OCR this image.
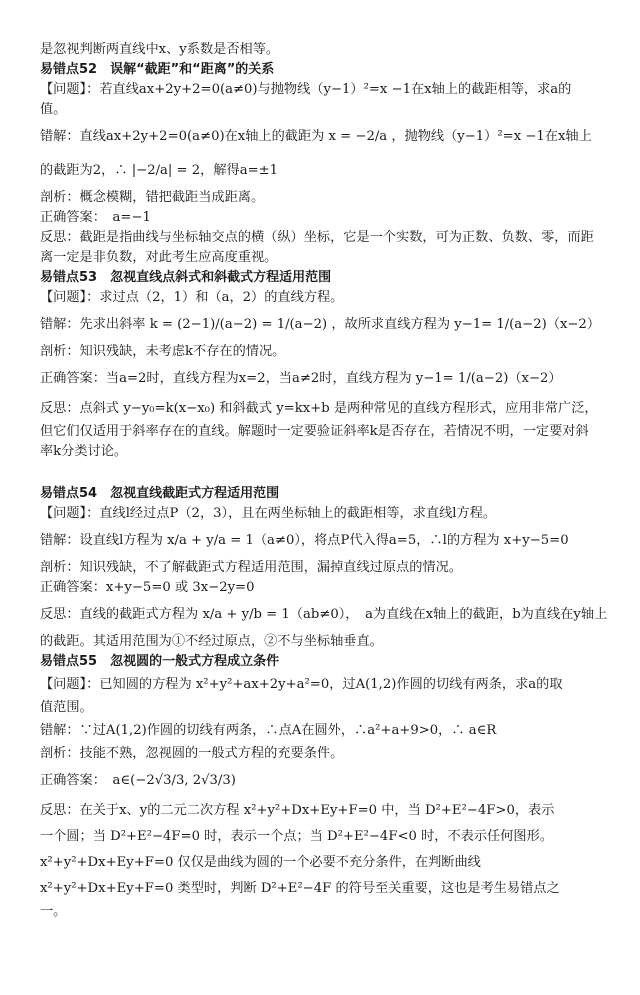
是忽视判断两直线中x、y系数是否相等。
易错点52　误解“截距”和“距离”的关系
【问题】：若直线ax+2y+2=0(a≠0)与抛物线（y−1）²=x −1在x轴上的截距相等，求a的
值。
错解：直线ax+2y+2=0(a≠0)在x轴上的截距为 x = −2/a ，抛物线（y−1）²=x −1在x轴上
的截距为2，∴ |−2/a| = 2，解得a=±1
剖析：概念模糊，错把截距当成距离。
正确答案：　a=−1
反思：截距是指曲线与坐标轴交点的横（纵）坐标，它是一个实数，可为正数、负数、零，而距
离一定是非负数，对此考生应高度重视。
易错点53　忽视直线点斜式和斜截式方程适用范围
【问题】：求过点（2，1）和（a，2）的直线方程。
错解：先求出斜率 k = (2−1)/(a−2) = 1/(a−2) ，故所求直线方程为 y−1= 1/(a−2)（x−2）
剖析：知识残缺，未考虑k不存在的情况。
正确答案：当a=2时，直线方程为x=2，当a≠2时，直线方程为 y−1= 1/(a−2)（x−2）
反思：点斜式 y−y₀=k(x−x₀) 和斜截式 y=kx+b 是两种常见的直线方程形式，应用非常广泛，
但它们仅适用于斜率存在的直线。解题时一定要验证斜率k是否存在，若情况不明，一定要对斜
率k分类讨论。
易错点54　忽视直线截距式方程适用范围
【问题】：直线l经过点P（2，3），且在两坐标轴上的截距相等，求直线l方程。
错解：设直线l方程为 x/a + y/a = 1（a≠0），将点P代入得a=5，∴l的方程为 x+y−5=0
剖析：知识残缺，不了解截距式方程适用范围，漏掉直线过原点的情况。
正确答案：x+y−5=0 或 3x−2y=0
反思：直线的截距式方程为 x/a + y/b = 1（ab≠0），　a为直线在x轴上的截距，b为直线在y轴上
的截距。其适用范围为①不经过原点，②不与坐标轴垂直。
易错点55　忽视圆的一般式方程成立条件
【问题】：已知圆的方程为 x²+y²+ax+2y+a²=0，过A(1,2)作圆的切线有两条，求a的取
值范围。
错解：∵过A(1,2)作圆的切线有两条，∴点A在圆外，∴a²+a+9>0，∴ a∈R
剖析：技能不熟，忽视圆的一般式方程的充要条件。
正确答案：　a∈(−2√3/3, 2√3/3)
反思：在关于x、y的二元二次方程 x²+y²+Dx+Ey+F=0 中，当 D²+E²−4F>0，表示
一个圆；当 D²+E²−4F=0 时，表示一个点；当 D²+E²−4F<0 时，不表示任何图形。
x²+y²+Dx+Ey+F=0 仅仅是曲线为圆的一个必要不充分条件，在判断曲线
x²+y²+Dx+Ey+F=0 类型时，判断 D²+E²−4F 的符号至关重要，这也是考生易错点之
一。
